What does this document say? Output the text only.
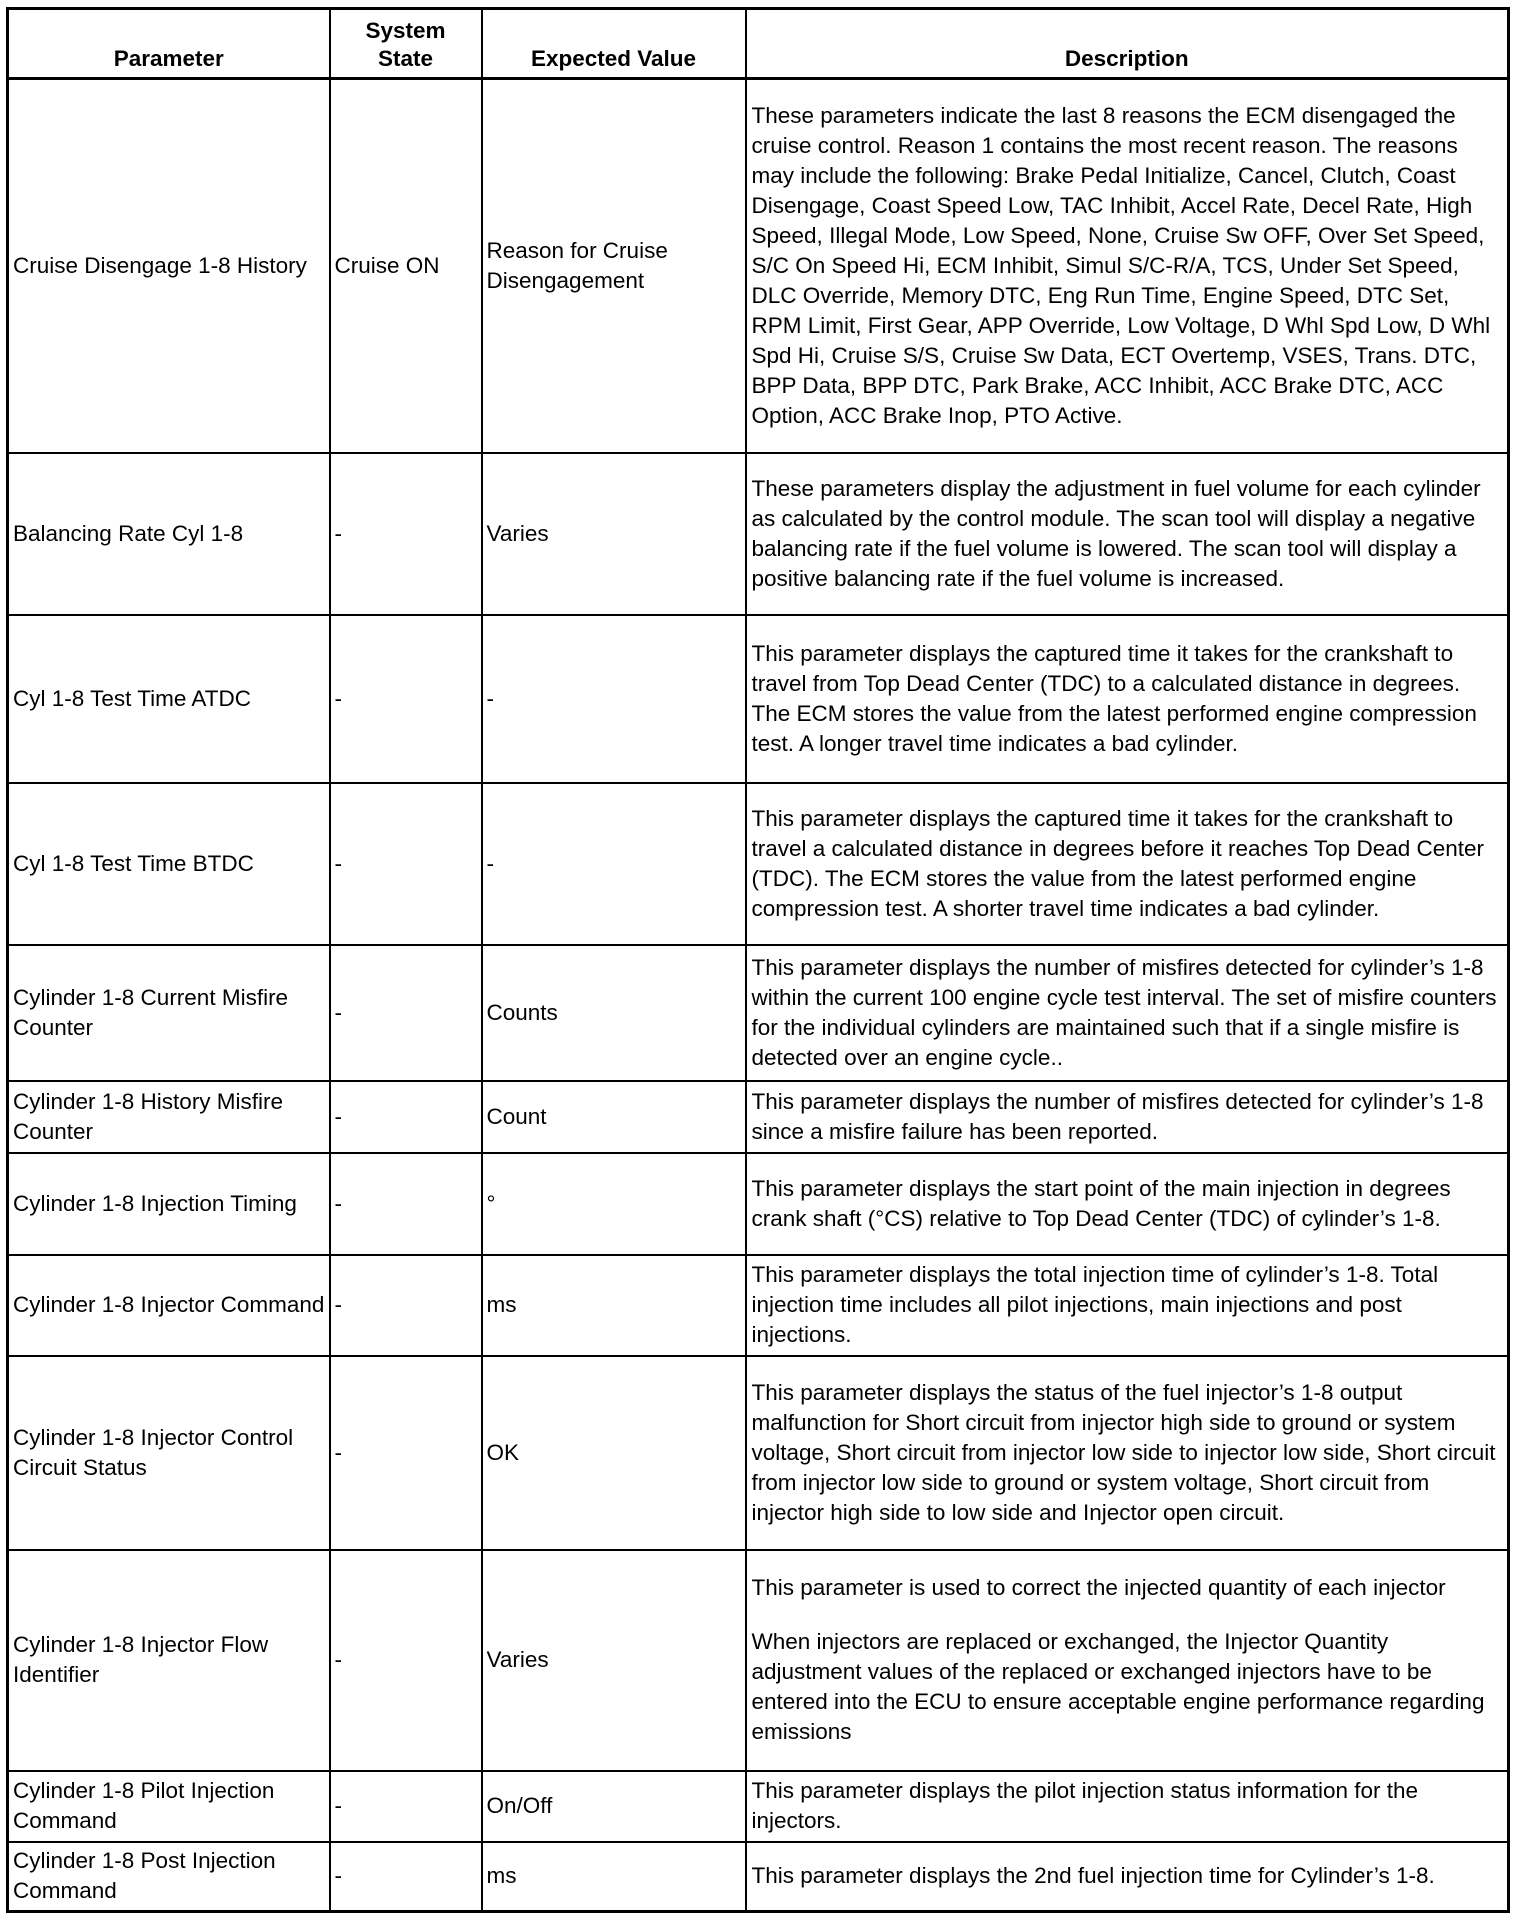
Parameter	System State	Expected Value	Description
Cruise Disengage 1-8 History	Cruise ON	Reason for Cruise Disengagement	These parameters indicate the last 8 reasons the ECM disengaged the cruise control. Reason 1 contains the most recent reason. The reasons may include the following: Brake Pedal Initialize, Cancel, Clutch, Coast Disengage, Coast Speed Low, TAC Inhibit, Accel Rate, Decel Rate, High Speed, Illegal Mode, Low Speed, None, Cruise Sw OFF, Over Set Speed, S/C On Speed Hi, ECM Inhibit, Simul S/C-R/A, TCS, Under Set Speed, DLC Override, Memory DTC, Eng Run Time, Engine Speed, DTC Set, RPM Limit, First Gear, APP Override, Low Voltage, D Whl Spd Low, D Whl Spd Hi, Cruise S/S, Cruise Sw Data, ECT Overtemp, VSES, Trans. DTC, BPP Data, BPP DTC, Park Brake, ACC Inhibit, ACC Brake DTC, ACC Option, ACC Brake Inop, PTO Active.
Balancing Rate Cyl 1-8	-	Varies	These parameters display the adjustment in fuel volume for each cylinder as calculated by the control module. The scan tool will display a negative balancing rate if the fuel volume is lowered. The scan tool will display a positive balancing rate if the fuel volume is increased.
Cyl 1-8 Test Time ATDC	-	-	This parameter displays the captured time it takes for the crankshaft to travel from Top Dead Center (TDC) to a calculated distance in degrees. The ECM stores the value from the latest performed engine compression test. A longer travel time indicates a bad cylinder.
Cyl 1-8 Test Time BTDC	-	-	This parameter displays the captured time it takes for the crankshaft to travel a calculated distance in degrees before it reaches Top Dead Center (TDC). The ECM stores the value from the latest performed engine compression test. A shorter travel time indicates a bad cylinder.
Cylinder 1-8 Current Misfire Counter	-	Counts	This parameter displays the number of misfires detected for cylinder’s 1-8 within the current 100 engine cycle test interval. The set of misfire counters for the individual cylinders are maintained such that if a single misfire is detected over an engine cycle..
Cylinder 1-8 History Misfire Counter	-	Count	This parameter displays the number of misfires detected for cylinder’s 1-8 since a misfire failure has been reported.
Cylinder 1-8 Injection Timing	-	°	This parameter displays the start point of the main injection in degrees crank shaft (°CS) relative to Top Dead Center (TDC) of cylinder’s 1-8.
Cylinder 1-8 Injector Command	-	ms	This parameter displays the total injection time of cylinder’s 1-8. Total injection time includes all pilot injections, main injections and post injections.
Cylinder 1-8 Injector Control Circuit Status	-	OK	This parameter displays the status of the fuel injector’s 1-8 output malfunction for Short circuit from injector high side to ground or system voltage, Short circuit from injector low side to injector low side, Short circuit from injector low side to ground or system voltage, Short circuit from injector high side to low side and Injector open circuit.
Cylinder 1-8 Injector Flow Identifier	-	Varies	This parameter is used to correct the injected quantity of each injector
When injectors are replaced or exchanged, the Injector Quantity adjustment values of the replaced or exchanged injectors have to be entered into the ECU to ensure acceptable engine performance regarding emissions
Cylinder 1-8 Pilot Injection Command	-	On/Off	This parameter displays the pilot injection status information for the injectors.
Cylinder 1-8 Post Injection Command	-	ms	This parameter displays the 2nd fuel injection time for Cylinder’s 1-8.
